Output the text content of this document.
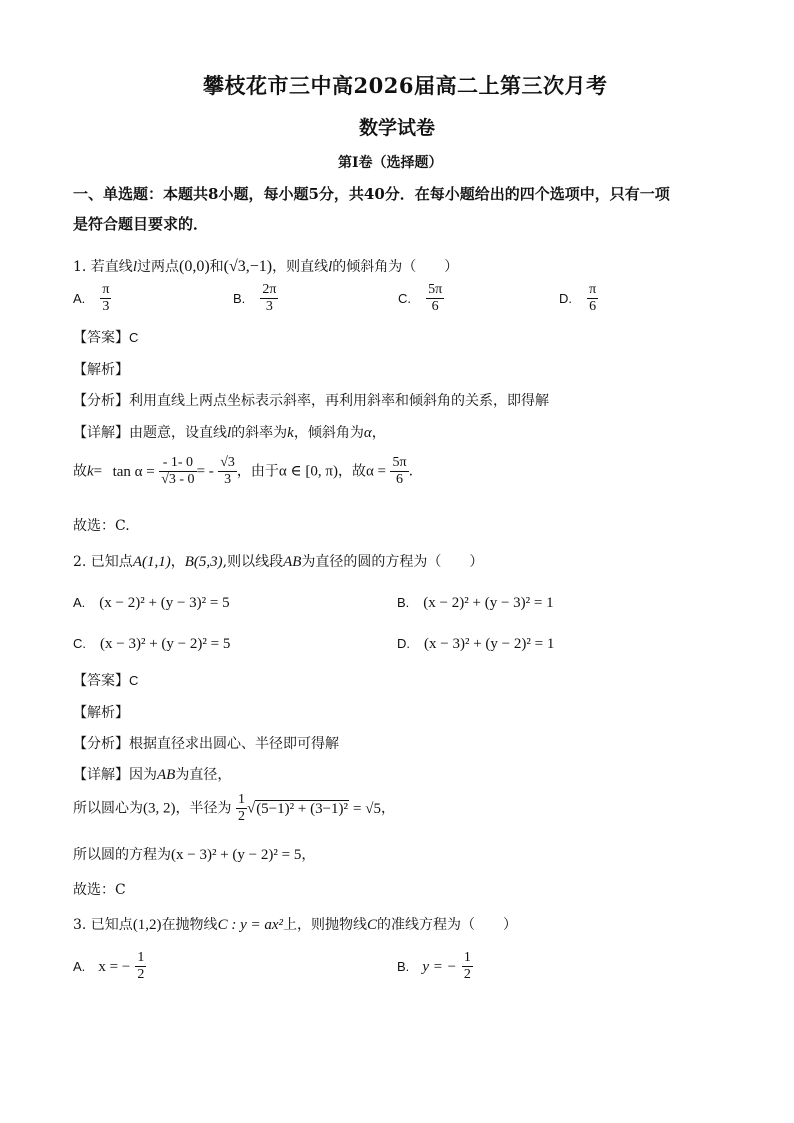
攀枝花市三中高2026届高二上第三次月考
数学试卷
第I卷（选择题）
一、单选题：本题共8小题，每小题5分，共40分．在每小题给出的四个选项中，只有一项
是符合题目要求的．
1. 若直线l过两点(0,0)和(√3,−1)，则直线l的倾斜角为（　　）
A. $\frac{\pi}{3}$	B. $\frac{2\pi}{3}$	C. $\frac{5\pi}{6}$	D. $\frac{\pi}{6}$
【答案】C
【解析】
【分析】利用直线上两点坐标表示斜率，再利用斜率和倾斜角的关系，即得解
【详解】由题意，设直线l的斜率为k，倾斜角为α，
故$k= \tan \alpha = \frac{- 1- 0}{√3 - 0}$ = - $\frac{√3}{3}$ ，由于α ∈ [0, π)，故$\alpha = \frac{5\pi}{6}$ .
故选：C.
2. 已知点A(1,1)，B(5,3),则以线段AB为直径的圆的方程为（　　）
A. (x − 2)² + (y − 3)² = 5	B. (x − 2)² + (y − 3)² = 1
C. (x − 3)² + (y − 2)² = 5	D. (x − 3)² + (y − 2)² = 1
【答案】C
【解析】
【分析】根据直径求出圆心、半径即可得解
【详解】因为AB为直径，
所以圆心为(3, 2)，半径为 $\frac{1}{2} √(5-1)^2 + (3-1)^2 = √5$，
所以圆的方程为(x − 3)² + (y − 2)² = 5，
故选：C
3. 已知点(1,2)在抛物线C : y = ax²上，则抛物线C的准线方程为（　　）
A. x = − $\frac{1}{2}$	B. y = − $\frac{1}{2}$
